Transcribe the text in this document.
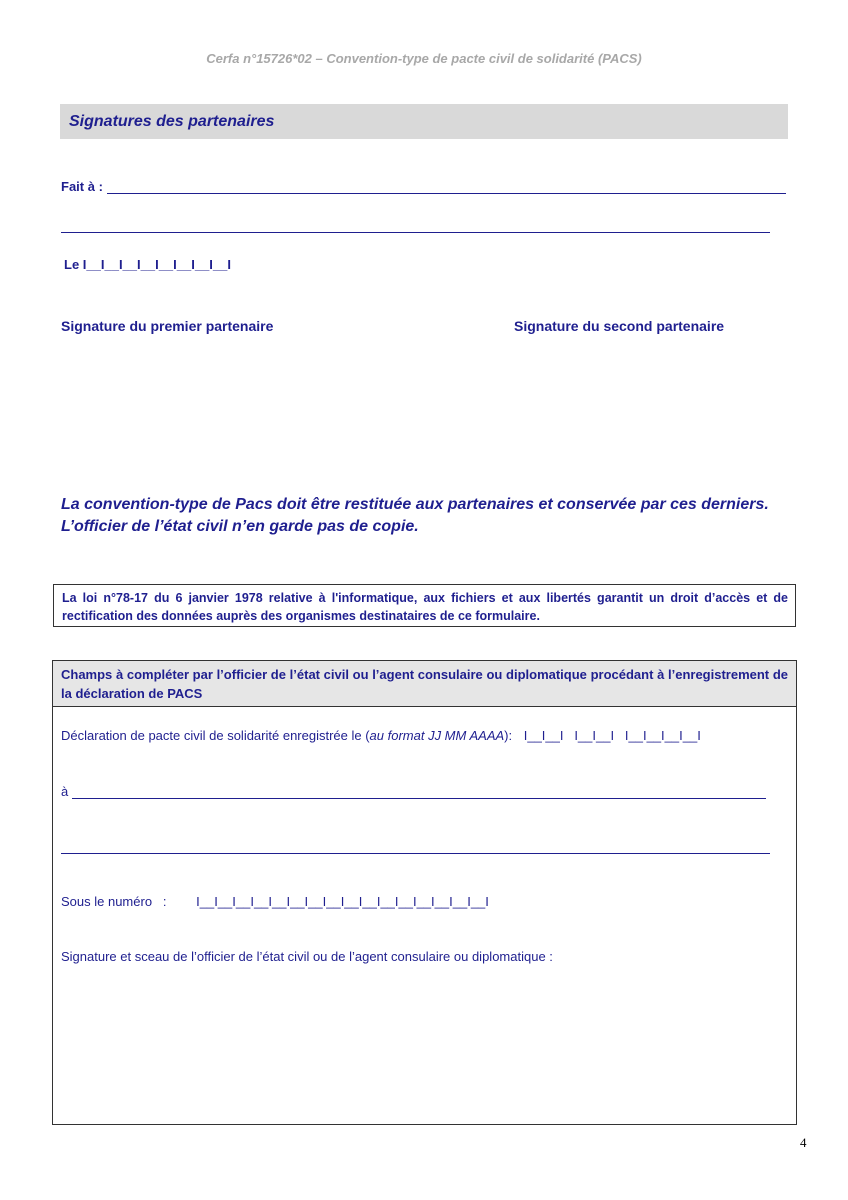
Cerfa n°15726*02 – Convention-type de pacte civil de solidarité (PACS)
Signatures des partenaires
Fait à :
Le I__I__I__I__I__I__I__I__I
Signature du premier partenaire	Signature du second partenaire
La convention-type de Pacs doit être restituée aux partenaires et conservée par ces derniers.
L’officier de l’état civil n’en garde pas de copie.

La loi n°78-17 du 6 janvier 1978 relative à l'informatique, aux fichiers et aux libertés garantit un droit d’accès et de rectification des données auprès des organismes destinataires de ce formulaire.

Champs à compléter par l’officier de l’état civil ou l’agent consulaire ou diplomatique procédant à l’enregistrement de la déclaration de PACS

Déclaration de pacte civil de solidarité enregistrée le (au format JJ MM AAAA): I__I__I   I__I__I   I__I__I__I__I
à
Sous le numéro   : I__I__I__I__I__I__I__I__I__I__I__I__I__I__I__I__I
Signature et sceau de l’officier de l’état civil ou de l’agent consulaire ou diplomatique :
4
